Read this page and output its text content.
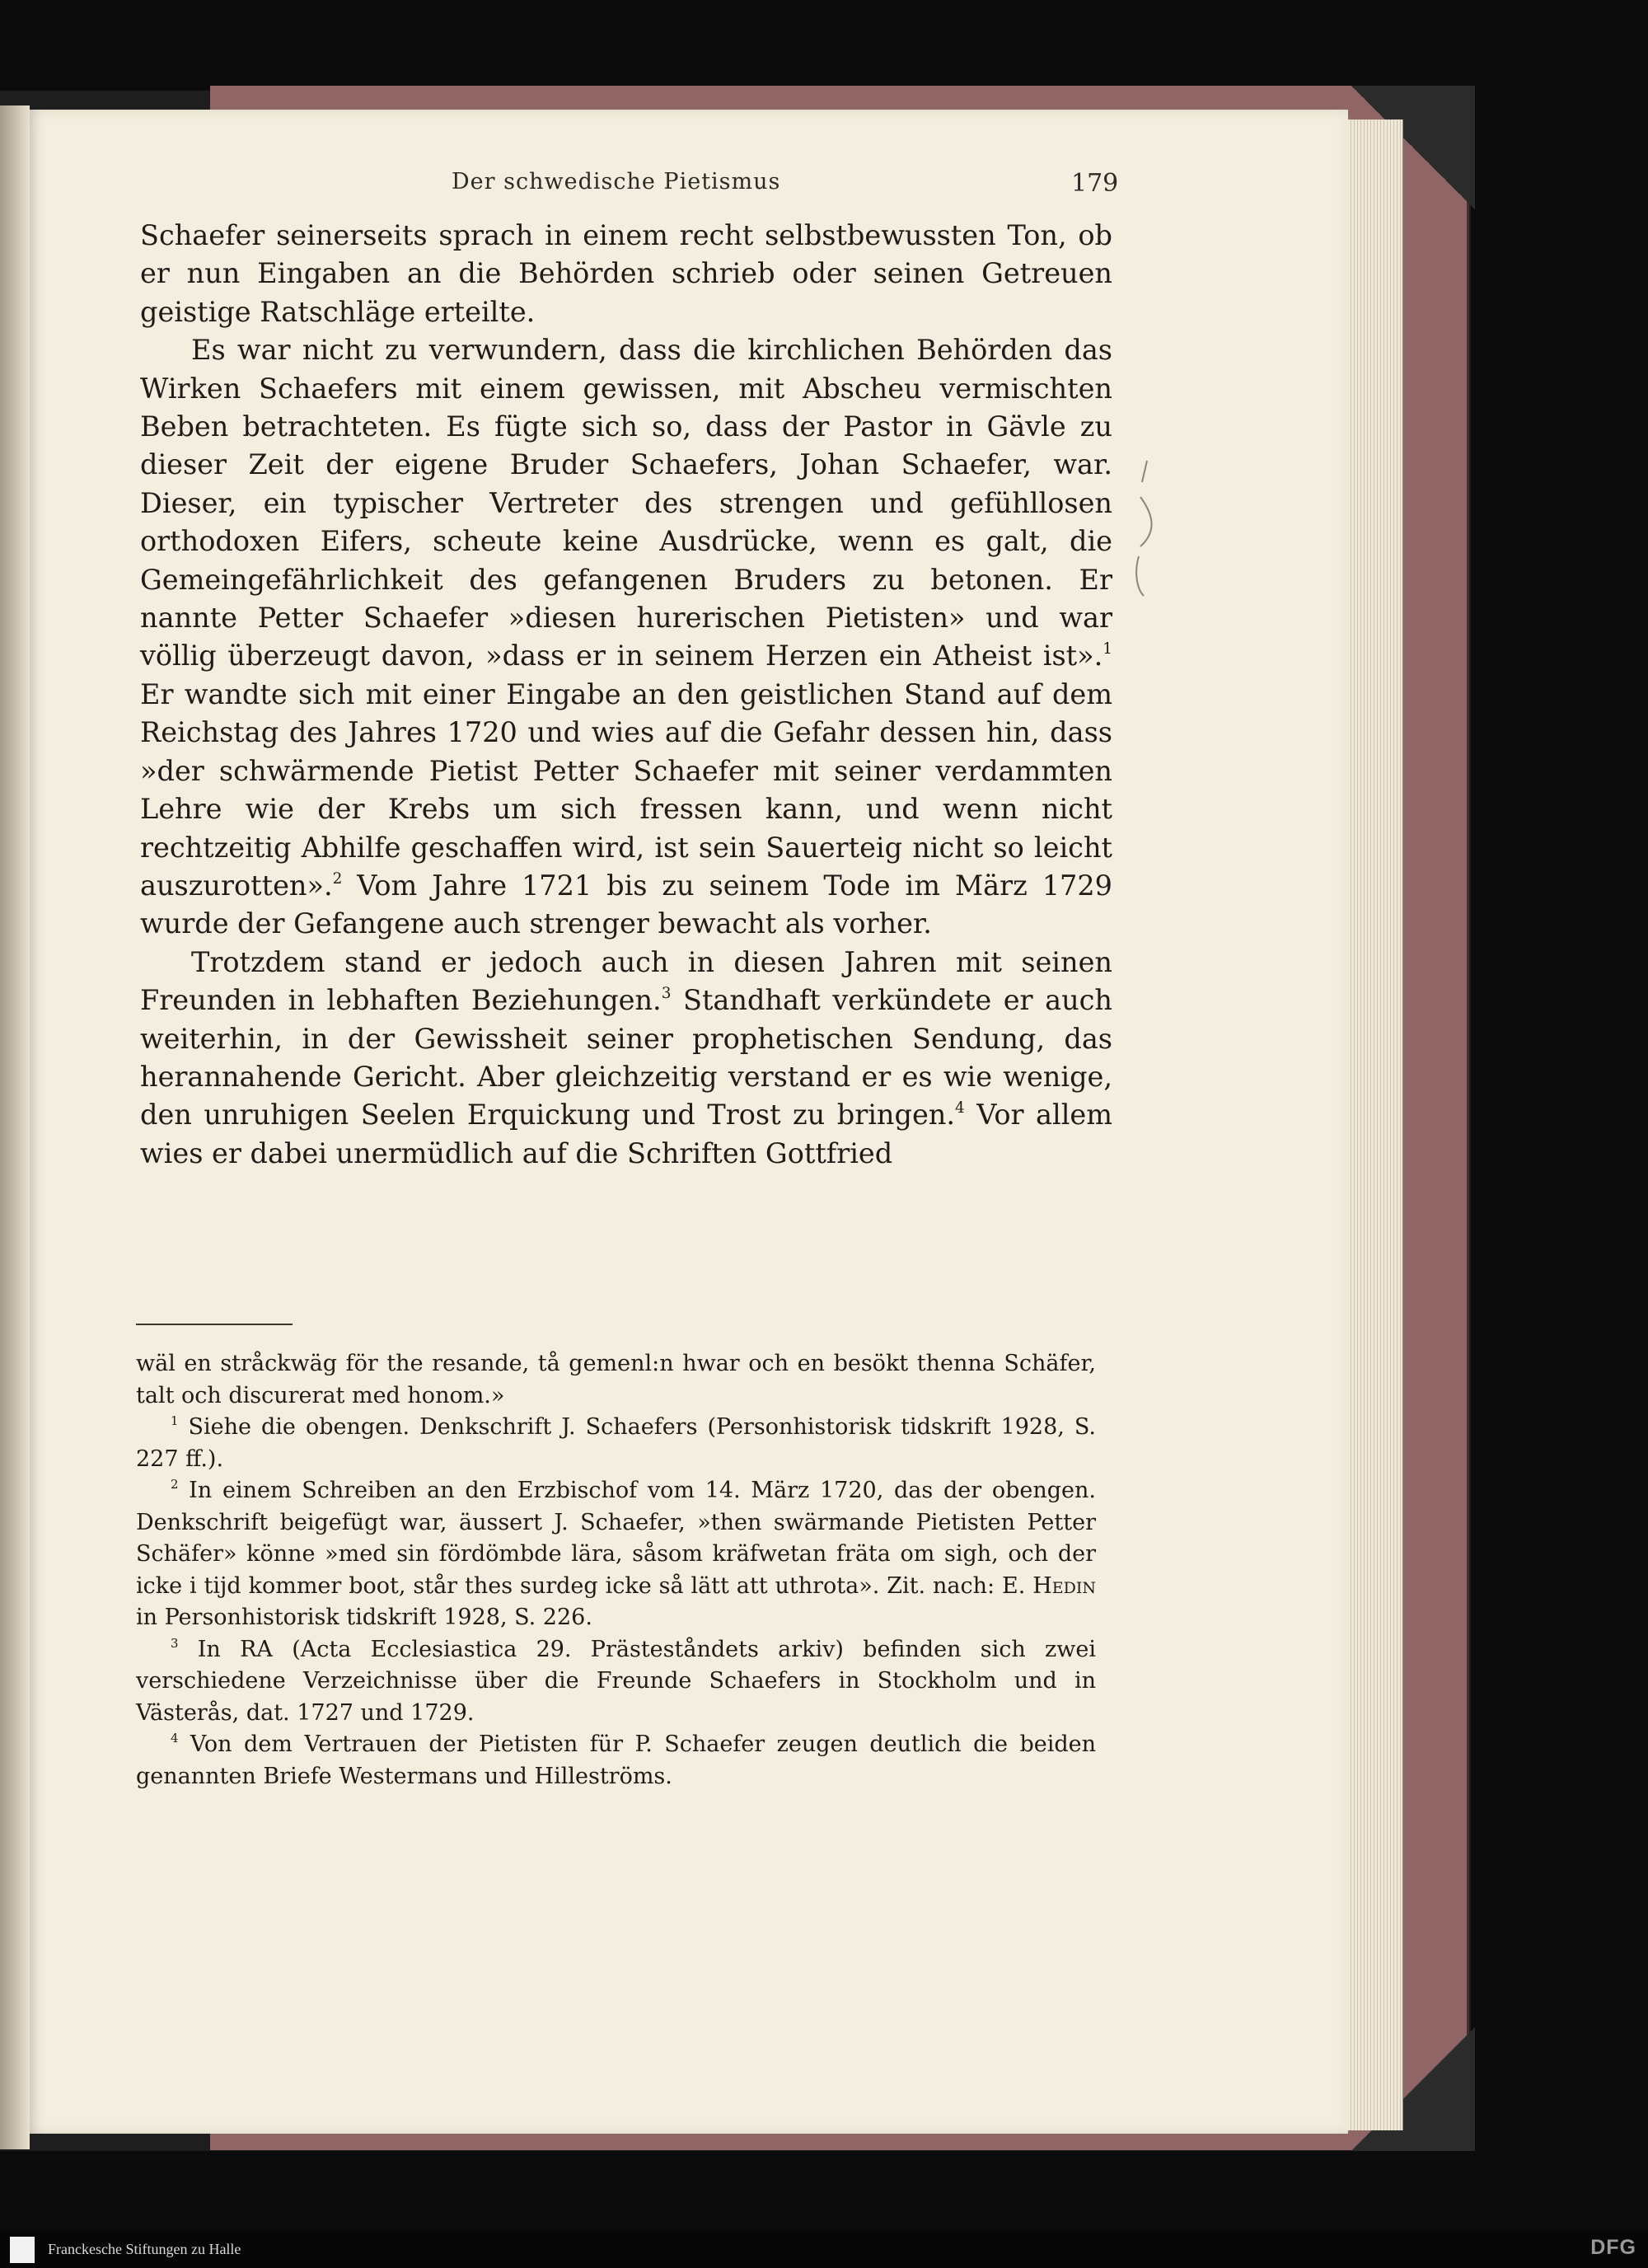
Der schwedische Pietismus	179

Schaefer seinerseits sprach in einem recht selbstbewussten Ton, ob er nun Eingaben an die Behörden schrieb oder seinen Getreuen geistige Ratschläge erteilte.

Es war nicht zu verwundern, dass die kirchlichen Behörden das Wirken Schaefers mit einem gewissen, mit Abscheu vermischten Beben betrachteten. Es fügte sich so, dass der Pastor in Gävle zu dieser Zeit der eigene Bruder Schaefers, Johan Schaefer, war. Dieser, ein typischer Vertreter des strengen und gefühllosen orthodoxen Eifers, scheute keine Ausdrücke, wenn es galt, die Gemeingefährlichkeit des gefangenen Bruders zu betonen. Er nannte Petter Schaefer »diesen hurerischen Pietisten» und war völlig überzeugt davon, »dass er in seinem Herzen ein Atheist ist».$^1$ Er wandte sich mit einer Eingabe an den geistlichen Stand auf dem Reichstag des Jahres 1720 und wies auf die Gefahr dessen hin, dass »der schwärmende Pietist Petter Schaefer mit seiner verdammten Lehre wie der Krebs um sich fressen kann, und wenn nicht rechtzeitig Abhilfe geschaffen wird, ist sein Sauerteig nicht so leicht auszurotten».$^2$ Vom Jahre 1721 bis zu seinem Tode im März 1729 wurde der Gefangene auch strenger bewacht als vorher.

Trotzdem stand er jedoch auch in diesen Jahren mit seinen Freunden in lebhaften Beziehungen.$^3$ Standhaft verkündete er auch weiterhin, in der Gewissheit seiner prophetischen Sendung, das herannahende Gericht. Aber gleichzeitig verstand er es wie wenige, den unruhigen Seelen Erquickung und Trost zu bringen.$^4$ Vor allem wies er dabei unermüdlich auf die Schriften Gottfried

wäl en stråckwäg för the resande, tå gemenl:n hwar och en besökt thenna Schäfer, talt och discurerat med honom.»

$^1$ Siehe die obengen. Denkschrift J. Schaefers (Personhistorisk tidskrift 1928, S. 227 ff.).

$^2$ In einem Schreiben an den Erzbischof vom 14. März 1720, das der obengen. Denkschrift beigefügt war, äussert J. Schaefer, »then swärmande Pietisten Petter Schäfer» könne »med sin fördömbde lära, såsom kräfwetan fräta om sigh, och der icke i tijd kommer boot, står thes surdeg icke så lätt att uthrota». Zit. nach: E. Hedin in Personhistorisk tidskrift 1928, S. 226.

$^3$ In RA (Acta Ecclesiastica 29. Prästeståndets arkiv) befinden sich zwei verschiedene Verzeichnisse über die Freunde Schaefers in Stockholm und in Västerås, dat. 1727 und 1729.

$^4$ Von dem Vertrauen der Pietisten für P. Schaefer zeugen deutlich die beiden genannten Briefe Westermans und Hilleströms.

Franckesche Stiftungen zu Halle	DFG
